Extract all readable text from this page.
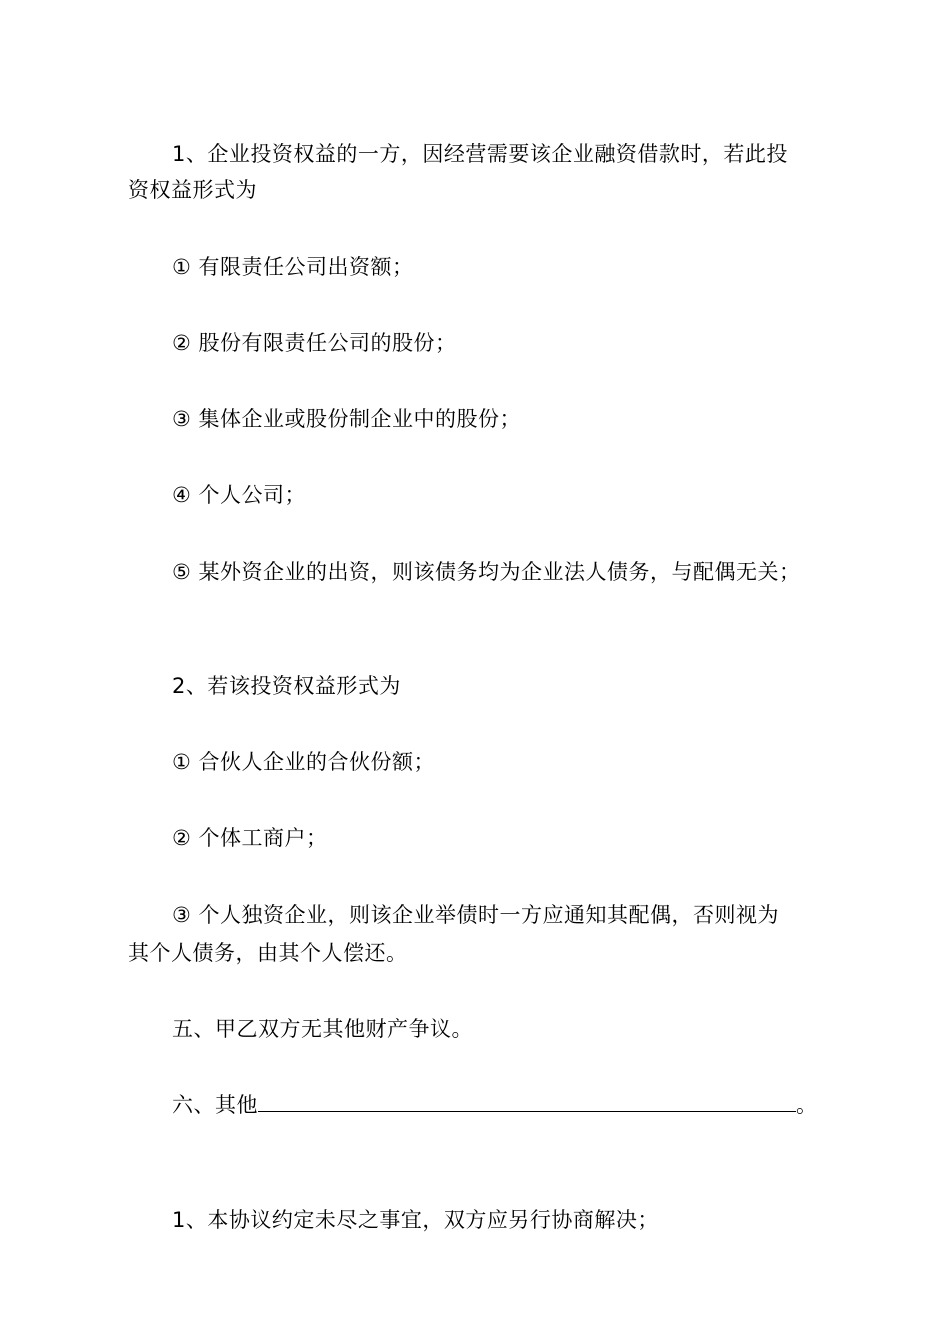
1、企业投资权益的一方，因经营需要该企业融资借款时，若此投
资权益形式为
① 有限责任公司出资额；
② 股份有限责任公司的股份；
③ 集体企业或股份制企业中的股份；
④ 个人公司；
⑤ 某外资企业的出资，则该债务均为企业法人债务，与配偶无关；
2、若该投资权益形式为
① 合伙人企业的合伙份额；
② 个体工商户；
③ 个人独资企业，则该企业举债时一方应通知其配偶，否则视为
其个人债务，由其个人偿还。
五、甲乙双方无其他财产争议。
六、其他	。
1、本协议约定未尽之事宜，双方应另行协商解决；
